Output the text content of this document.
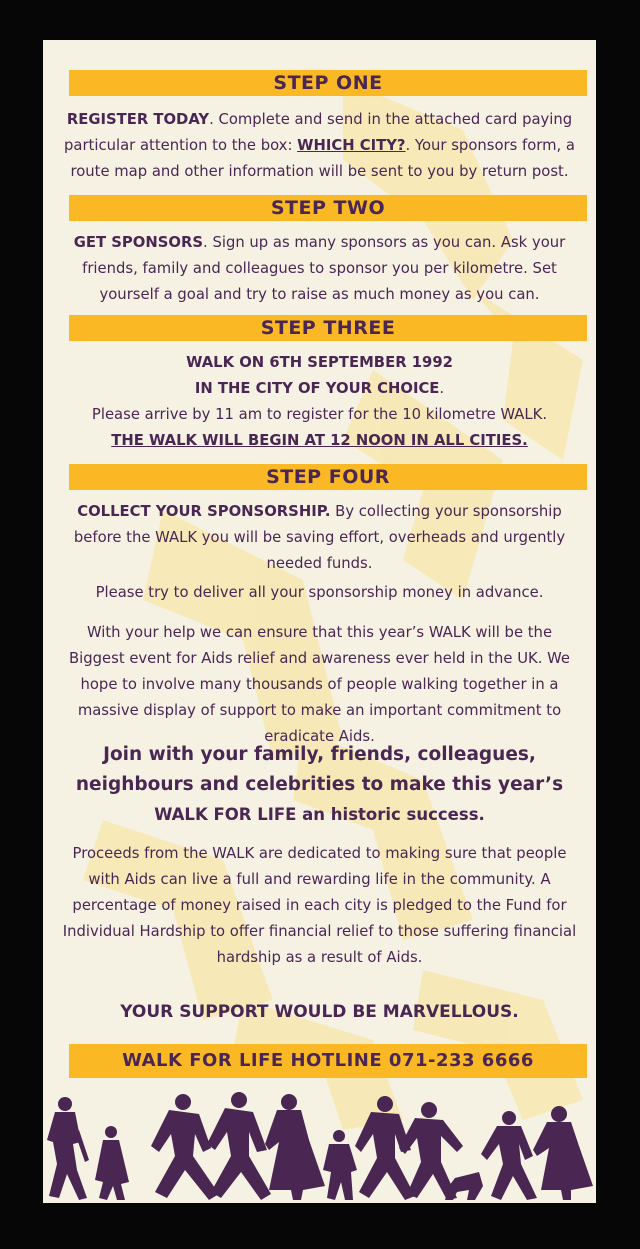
STEP ONE
REGISTER TODAY. Complete and send in the attached card paying particular attention to the box: WHICH CITY?. Your sponsors form, a route map and other information will be sent to you by return post.
STEP TWO
GET SPONSORS. Sign up as many sponsors as you can. Ask your friends, family and colleagues to sponsor you per kilometre. Set yourself a goal and try to raise as much money as you can.
STEP THREE
WALK ON 6TH SEPTEMBER 1992
IN THE CITY OF YOUR CHOICE.
Please arrive by 11 am to register for the 10 kilometre WALK.
THE WALK WILL BEGIN AT 12 NOON IN ALL CITIES.
STEP FOUR
COLLECT YOUR SPONSORSHIP. By collecting your sponsorship before the WALK you will be saving effort, overheads and urgently needed funds.
Please try to deliver all your sponsorship money in advance.
With your help we can ensure that this year’s WALK will be the Biggest event for Aids relief and awareness ever held in the UK. We hope to involve many thousands of people walking together in a massive display of support to make an important commitment to eradicate Aids.
Join with your family, friends, colleagues,
neighbours and celebrities to make this year’s
WALK FOR LIFE an historic success.
Proceeds from the WALK are dedicated to making sure that people with Aids can live a full and rewarding life in the community. A percentage of money raised in each city is pledged to the Fund for Individual Hardship to offer financial relief to those suffering financial hardship as a result of Aids.
YOUR SUPPORT WOULD BE MARVELLOUS.
WALK FOR LIFE HOTLINE 071-233 6666
